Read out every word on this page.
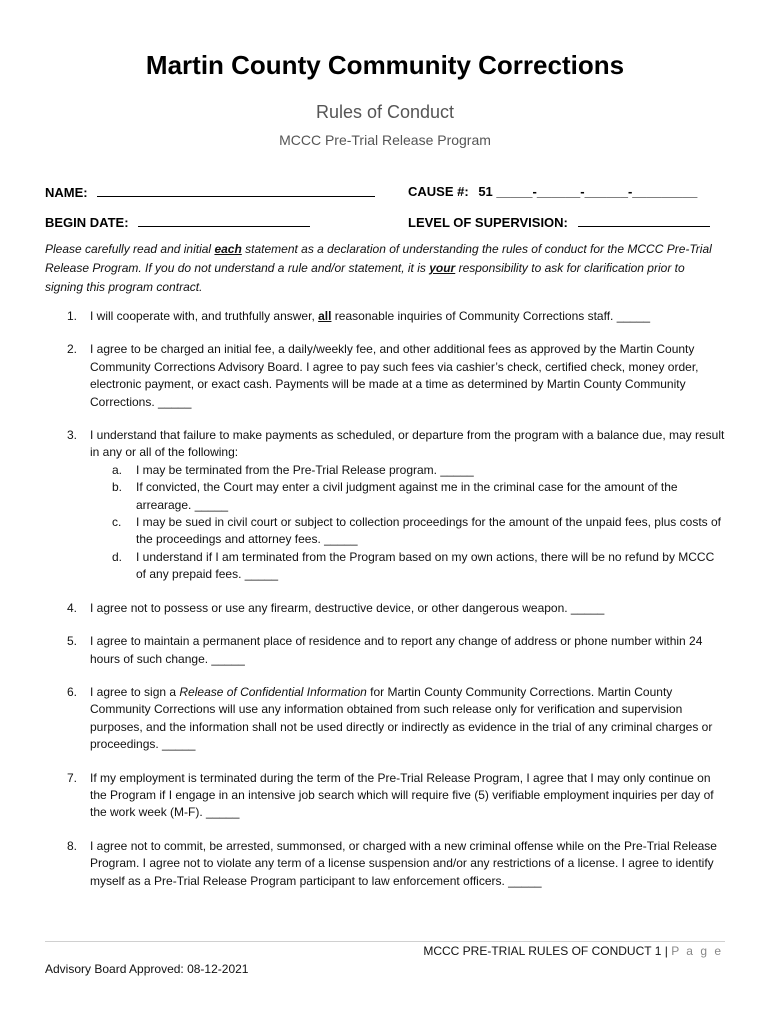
Martin County Community Corrections
Rules of Conduct
MCCC Pre-Trial Release Program
NAME:	CAUSE #: 51 _____-______-______-_________
BEGIN DATE:	LEVEL OF SUPERVISION:
Please carefully read and initial each statement as a declaration of understanding the rules of conduct for the MCCC Pre-Trial Release Program. If you do not understand a rule and/or statement, it is your responsibility to ask for clarification prior to signing this program contract.
1. I will cooperate with, and truthfully answer, all reasonable inquiries of Community Corrections staff. _____
2. I agree to be charged an initial fee, a daily/weekly fee, and other additional fees as approved by the Martin County Community Corrections Advisory Board. I agree to pay such fees via cashier’s check, certified check, money order, electronic payment, or exact cash. Payments will be made at a time as determined by Martin County Community Corrections. _____
3. I understand that failure to make payments as scheduled, or departure from the program with a balance due, may result in any or all of the following:
a. I may be terminated from the Pre-Trial Release program. _____
b. If convicted, the Court may enter a civil judgment against me in the criminal case for the amount of the arrearage. _____
c. I may be sued in civil court or subject to collection proceedings for the amount of the unpaid fees, plus costs of the proceedings and attorney fees. _____
d. I understand if I am terminated from the Program based on my own actions, there will be no refund by MCCC of any prepaid fees. _____
4. I agree not to possess or use any firearm, destructive device, or other dangerous weapon. _____
5. I agree to maintain a permanent place of residence and to report any change of address or phone number within 24 hours of such change. _____
6. I agree to sign a Release of Confidential Information for Martin County Community Corrections. Martin County Community Corrections will use any information obtained from such release only for verification and supervision purposes, and the information shall not be used directly or indirectly as evidence in the trial of any criminal charges or proceedings. _____
7. If my employment is terminated during the term of the Pre-Trial Release Program, I agree that I may only continue on the Program if I engage in an intensive job search which will require five (5) verifiable employment inquiries per day of the work week (M-F). _____
8. I agree not to commit, be arrested, summonsed, or charged with a new criminal offense while on the Pre-Trial Release Program. I agree not to violate any term of a license suspension and/or any restrictions of a license. I agree to identify myself as a Pre-Trial Release Program participant to law enforcement officers. _____
MCCC PRE-TRIAL RULES OF CONDUCT 1 | P a g e
Advisory Board Approved: 08-12-2021
